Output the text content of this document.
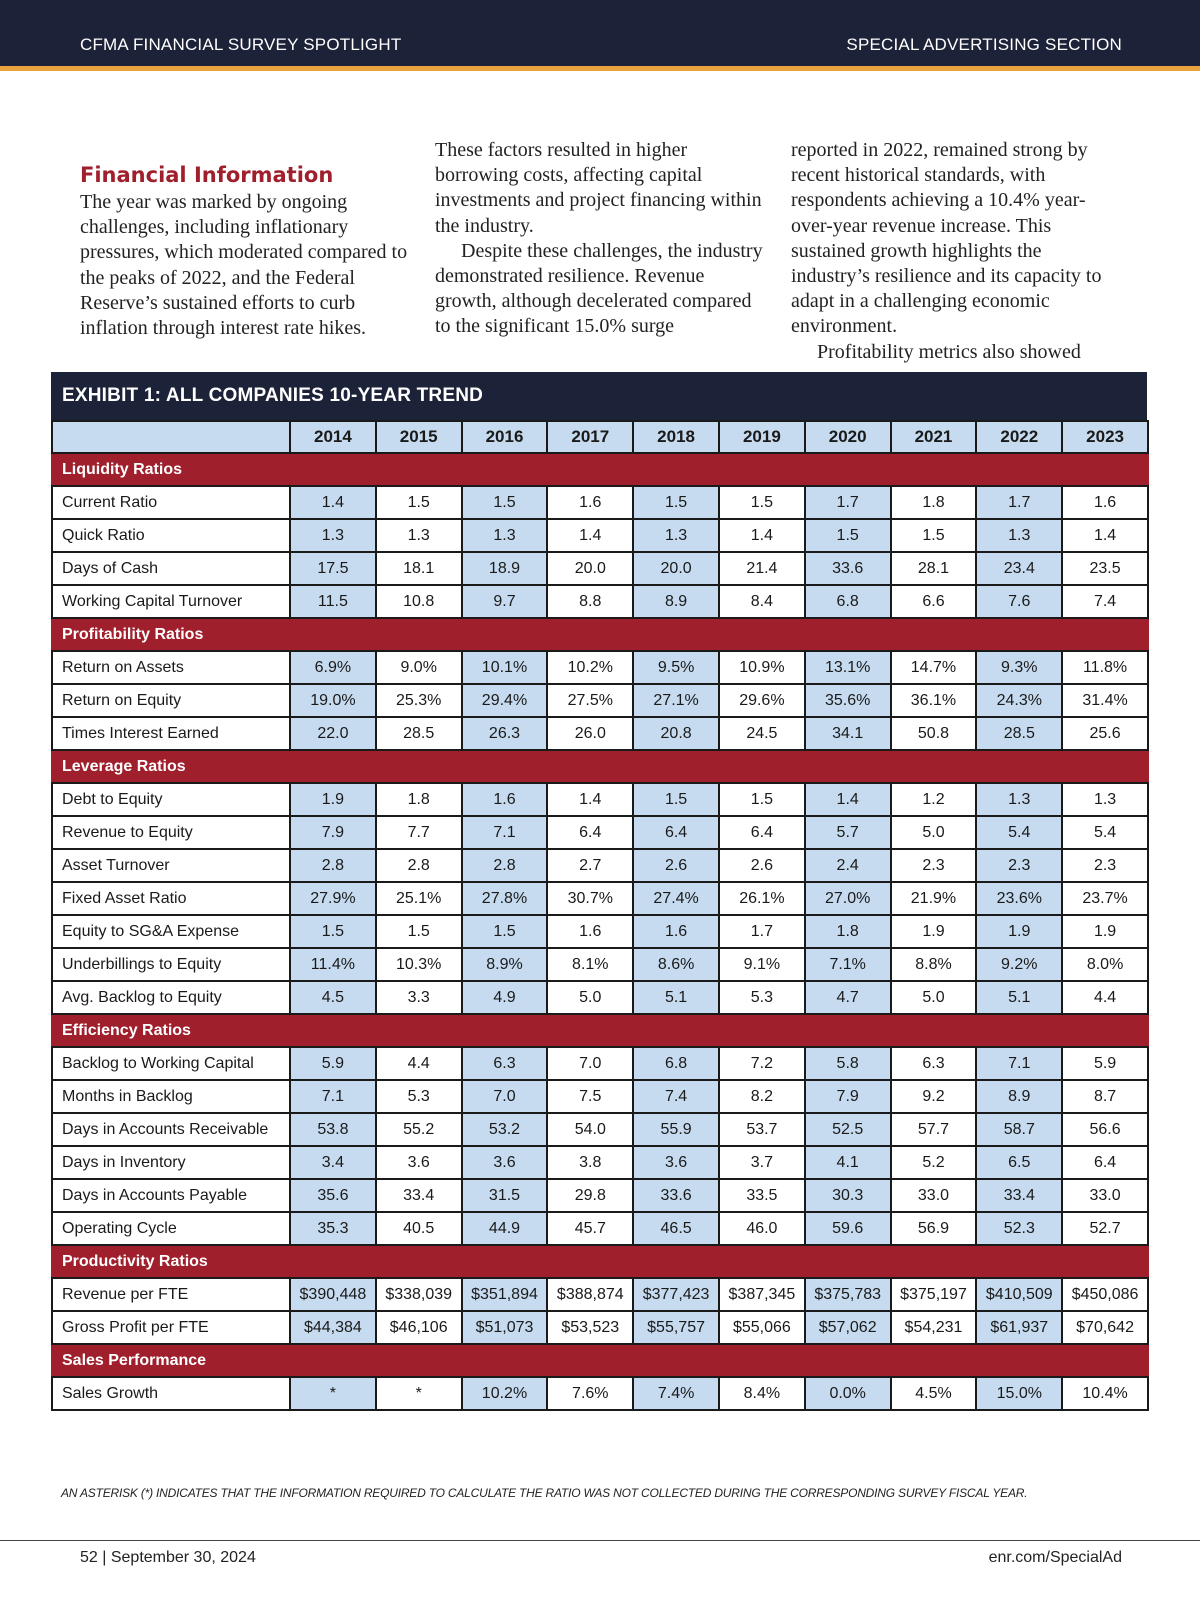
CFMA FINANCIAL SURVEY SPOTLIGHT	SPECIAL ADVERTISING SECTION
Financial Information

The year was marked by ongoing challenges, including inflationary pressures, which moderated compared to the peaks of 2022, and the Federal Reserve’s sustained efforts to curb inflation through interest rate hikes.

These factors resulted in higher borrowing costs, affecting capital investments and project financing within the industry.

Despite these challenges, the industry demonstrated resilience. Revenue growth, although decelerated compared to the significant 15.0% surge

reported in 2022, remained strong by recent historical standards, with respondents achieving a 10.4% year-over-year revenue increase. This sustained growth highlights the industry’s resilience and its capacity to adapt in a challenging economic environment.

Profitability metrics also showed

EXHIBIT 1: ALL COMPANIES 10-YEAR TREND
	2014	2015	2016	2017	2018	2019	2020	2021	2022	2023
Liquidity Ratios										
Current Ratio	1.4	1.5	1.5	1.6	1.5	1.5	1.7	1.8	1.7	1.6
Quick Ratio	1.3	1.3	1.3	1.4	1.3	1.4	1.5	1.5	1.3	1.4
Days of Cash	17.5	18.1	18.9	20.0	20.0	21.4	33.6	28.1	23.4	23.5
Working Capital Turnover	11.5	10.8	9.7	8.8	8.9	8.4	6.8	6.6	7.6	7.4
Profitability Ratios										
Return on Assets	6.9%	9.0%	10.1%	10.2%	9.5%	10.9%	13.1%	14.7%	9.3%	11.8%
Return on Equity	19.0%	25.3%	29.4%	27.5%	27.1%	29.6%	35.6%	36.1%	24.3%	31.4%
Times Interest Earned	22.0	28.5	26.3	26.0	20.8	24.5	34.1	50.8	28.5	25.6
Leverage Ratios										
Debt to Equity	1.9	1.8	1.6	1.4	1.5	1.5	1.4	1.2	1.3	1.3
Revenue to Equity	7.9	7.7	7.1	6.4	6.4	6.4	5.7	5.0	5.4	5.4
Asset Turnover	2.8	2.8	2.8	2.7	2.6	2.6	2.4	2.3	2.3	2.3
Fixed Asset Ratio	27.9%	25.1%	27.8%	30.7%	27.4%	26.1%	27.0%	21.9%	23.6%	23.7%
Equity to SG&A Expense	1.5	1.5	1.5	1.6	1.6	1.7	1.8	1.9	1.9	1.9
Underbillings to Equity	11.4%	10.3%	8.9%	8.1%	8.6%	9.1%	7.1%	8.8%	9.2%	8.0%
Avg. Backlog to Equity	4.5	3.3	4.9	5.0	5.1	5.3	4.7	5.0	5.1	4.4
Efficiency Ratios										
Backlog to Working Capital	5.9	4.4	6.3	7.0	6.8	7.2	5.8	6.3	7.1	5.9
Months in Backlog	7.1	5.3	7.0	7.5	7.4	8.2	7.9	9.2	8.9	8.7
Days in Accounts Receivable	53.8	55.2	53.2	54.0	55.9	53.7	52.5	57.7	58.7	56.6
Days in Inventory	3.4	3.6	3.6	3.8	3.6	3.7	4.1	5.2	6.5	6.4
Days in Accounts Payable	35.6	33.4	31.5	29.8	33.6	33.5	30.3	33.0	33.4	33.0
Operating Cycle	35.3	40.5	44.9	45.7	46.5	46.0	59.6	56.9	52.3	52.7
Productivity Ratios										
Revenue per FTE	$390,448	$338,039	$351,894	$388,874	$377,423	$387,345	$375,783	$375,197	$410,509	$450,086
Gross Profit per FTE	$44,384	$46,106	$51,073	$53,523	$55,757	$55,066	$57,062	$54,231	$61,937	$70,642
Sales Performance										
Sales Growth	*	*	10.2%	7.6%	7.4%	8.4%	0.0%	4.5%	15.0%	10.4%
AN ASTERISK (*) INDICATES THAT THE INFORMATION REQUIRED TO CALCULATE THE RATIO WAS NOT COLLECTED DURING THE CORRESPONDING SURVEY FISCAL YEAR.
52 | September 30, 2024	enr.com/SpecialAd
